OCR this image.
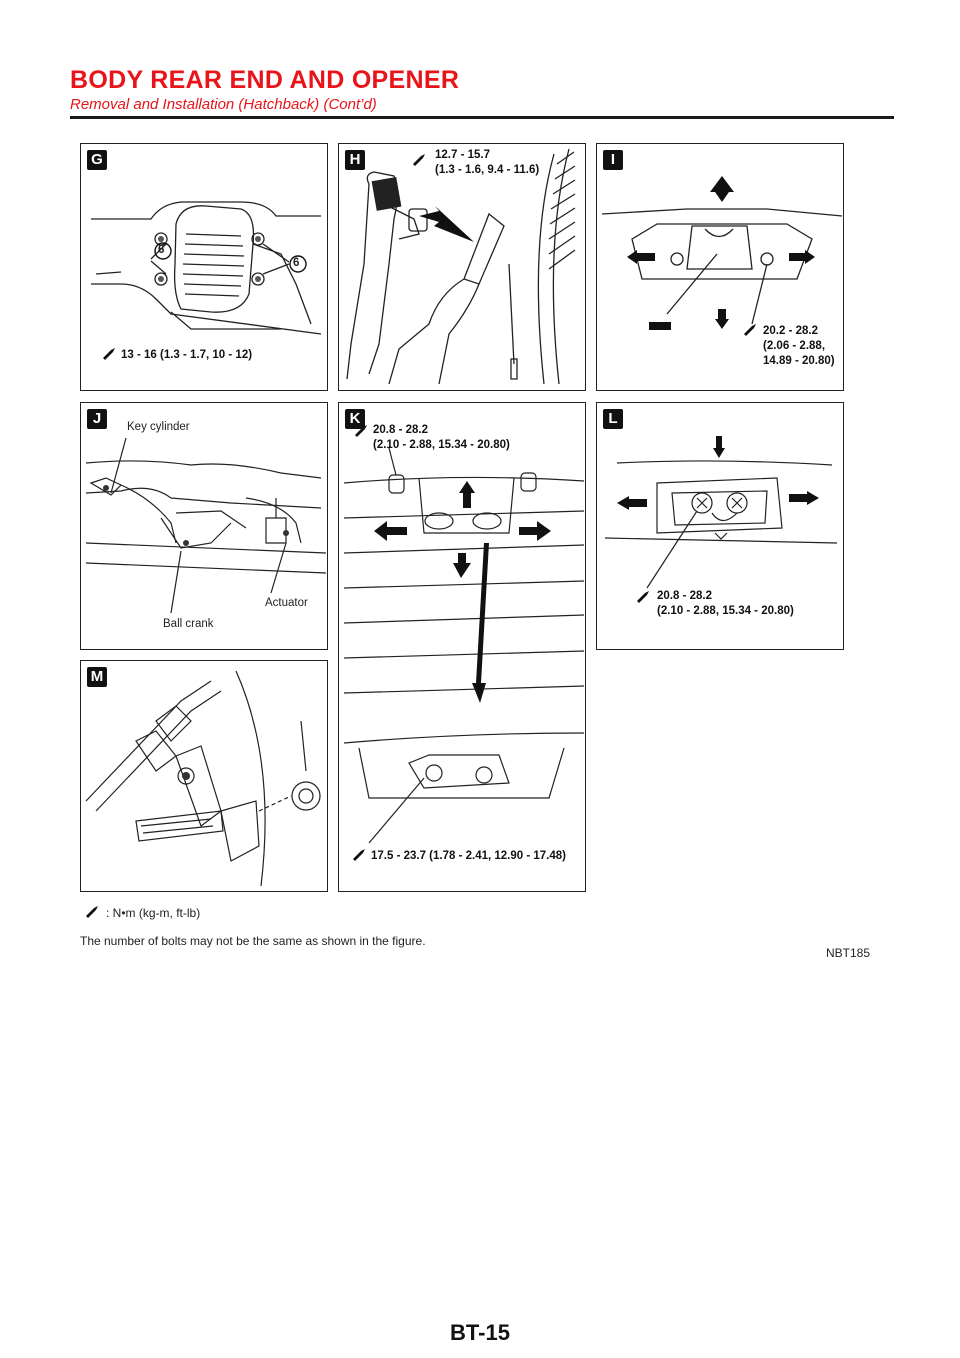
BODY REAR END AND OPENER
Removal and Installation (Hatchback) (Cont’d)
G
6
6
13 - 16 (1.3 - 1.7, 10 - 12)
H	12.7 - 15.7
(1.3 - 1.6, 9.4 - 11.6)
I
20.2 - 28.2
(2.06 - 2.88,
14.89 - 20.80)
J	Key cylinder
Actuator
Ball crank
K
20.8 - 28.2
(2.10 - 2.88, 15.34 - 20.80)
17.5 - 23.7 (1.78 - 2.41, 12.90 - 17.48)
L
20.8 - 28.2
(2.10 - 2.88, 15.34 - 20.80)
M
: N•m (kg-m, ft-lb)
The number of bolts may not be the same as shown in the figure.
NBT185
BT-15
